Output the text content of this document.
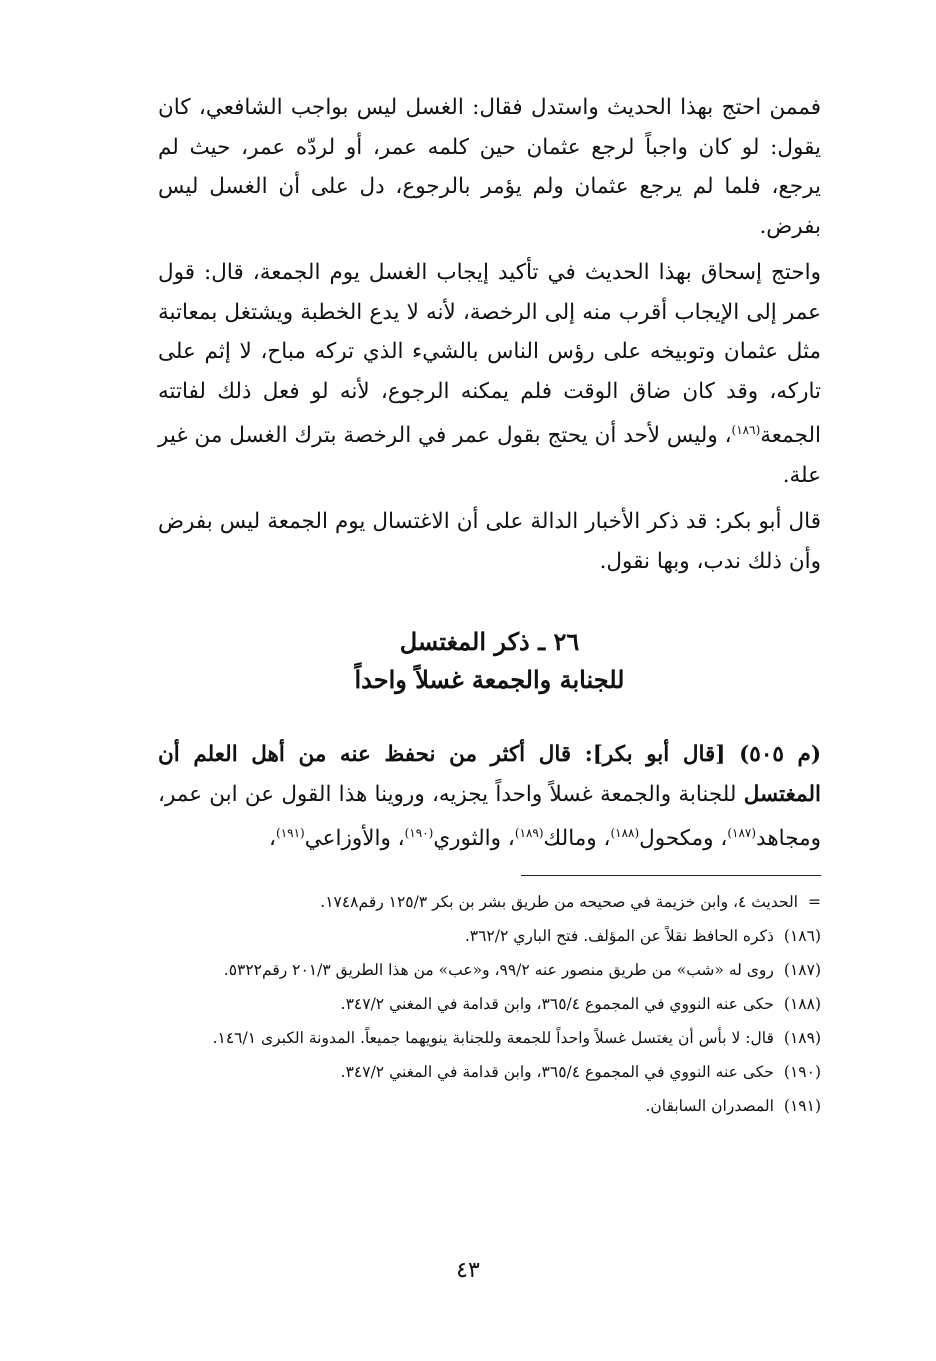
فممن احتج بهذا الحديث واستدل فقال: الغسل ليس بواجب الشافعي، كان يقول: لو كان واجباً لرجع عثمان حين كلمه عمر، أو لردّه عمر، حيث لم يرجع، فلما لم يرجع عثمان ولم يؤمر بالرجوع، دل على أن الغسل ليس بفرض.

واحتج إسحاق بهذا الحديث في تأكيد إيجاب الغسل يوم الجمعة، قال: قول عمر إلى الإيجاب أقرب منه إلى الرخصة، لأنه لا يدع الخطبة ويشتغل بمعاتبة مثل عثمان وتوبيخه على رؤس الناس بالشيء الذي تركه مباح، لا إثم على تاركه، وقد كان ضاق الوقت فلم يمكنه الرجوع، لأنه لو فعل ذلك لفاتته الجمعة$^{(١٨٦)}$، وليس لأحد أن يحتج بقول عمر في الرخصة بترك الغسل من غير علة.

قال أبو بكر: قد ذكر الأخبار الدالة على أن الاغتسال يوم الجمعة ليس بفرض وأن ذلك ندب، وبها نقول.

٢٦ ـ ذكر المغتسل
للجنابة والجمعة غسلاً واحداً

(م ٥٠٥) [قال أبو بكر]: قال أكثر من نحفظ عنه من أهل العلم أن المغتسل للجنابة والجمعة غسلاً واحداً يجزيه، وروينا هذا القول عن ابن عمر، ومجاهد$^{(١٨٧)}$، ومكحول$^{(١٨٨)}$، ومالك$^{(١٨٩)}$، والثوري$^{(١٩٠)}$، والأوزاعي$^{(١٩١)}$،

=
الحديث ٤، وابن خزيمة في صحيحه من طريق بشر بن بكر ١٢٥/٣ رقم١٧٤٨.
(١٨٦)
ذكره الحافظ نقلاً عن المؤلف. فتح الباري ٣٦٢/٢.
(١٨٧)
روى له «شب» من طريق منصور عنه ٩٩/٢، و«عب» من هذا الطريق ٢٠١/٣ رقم٥٣٢٢.
(١٨٨)
حكى عنه النووي في المجموع ٣٦٥/٤، وابن قدامة في المغني ٣٤٧/٢.
(١٨٩)
قال: لا بأس أن يغتسل غسلاً واحداً للجمعة وللجنابة ينويهما جميعاً. المدونة الكبرى ١٤٦/١.
(١٩٠)
حكى عنه النووي في المجموع ٣٦٥/٤، وابن قدامة في المغني ٣٤٧/٢.
(١٩١)
المصدران السابقان.
٤٣
